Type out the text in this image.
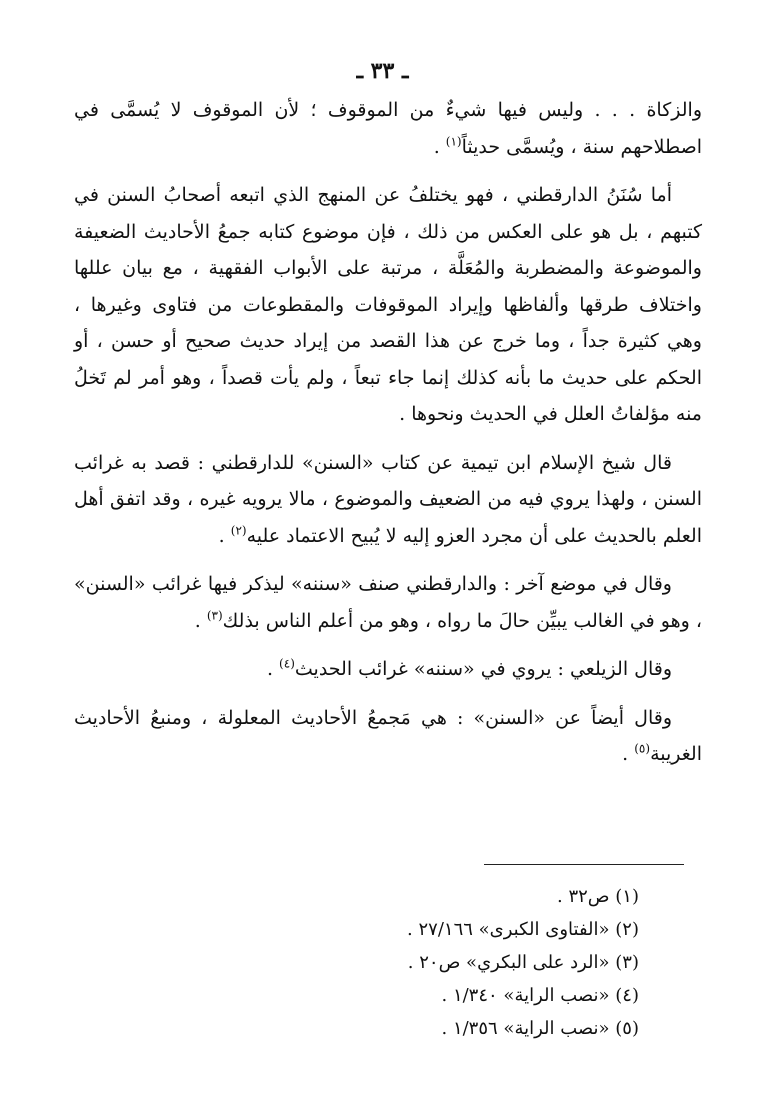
ـ ٣٣ ـ

والزكاة . . . وليس فيها شيءٌ من الموقوف ؛ لأن الموقوف لا يُسمَّى في اصطلاحهم سنة ، ويُسمَّى حديثاً$^{(١)}$ .

أما سُنَنُ الدارقطني ، فهو يختلفُ عن المنهج الذي اتبعه أصحابُ السنن في كتبهم ، بل هو على العكس من ذلك ، فإن موضوع كتابه جمعُ الأحاديث الضعيفة والموضوعة والمضطربة والمُعَلَّة ، مرتبة على الأبواب الفقهية ، مع بيان عللها واختلاف طرقها وألفاظها وإيراد الموقوفات والمقطوعات من فتاوى وغيرها ، وهي كثيرة جداً ، وما خرج عن هذا القصد من إيراد حديث صحيح أو حسن ، أو الحكم على حديث ما بأنه كذلك إنما جاء تبعاً ، ولم يأت قصداً ، وهو أمر لم تَخلُ منه مؤلفاتُ العلل في الحديث ونحوها .

قال شيخ الإسلام ابن تيمية عن كتاب «السنن» للدارقطني : قصد به غرائب السنن ، ولهذا يروي فيه من الضعيف والموضوع ، مالا يرويه غيره ، وقد اتفق أهل العلم بالحديث على أن مجرد العزو إليه لا يُبيح الاعتماد عليه$^{(٢)}$ .

وقال في موضع آخر : والدارقطني صنف «سننه» ليذكر فيها غرائب «السنن» ، وهو في الغالب يبيِّن حالَ ما رواه ، وهو من أعلم الناس بذلك$^{(٣)}$ .

وقال الزيلعي : يروي في «سننه» غرائب الحديث$^{(٤)}$ .

وقال أيضاً عن «السنن» : هي مَجمعُ الأحاديث المعلولة ، ومنبعُ الأحاديث الغريبة$^{(٥)}$ .

(١) ص٣٢ .
(٢) «الفتاوى الكبرى» ٢٧/١٦٦ .
(٣) «الرد على البكري» ص٢٠ .
(٤) «نصب الراية» ١/٣٤٠ .
(٥) «نصب الراية» ١/٣٥٦ .
